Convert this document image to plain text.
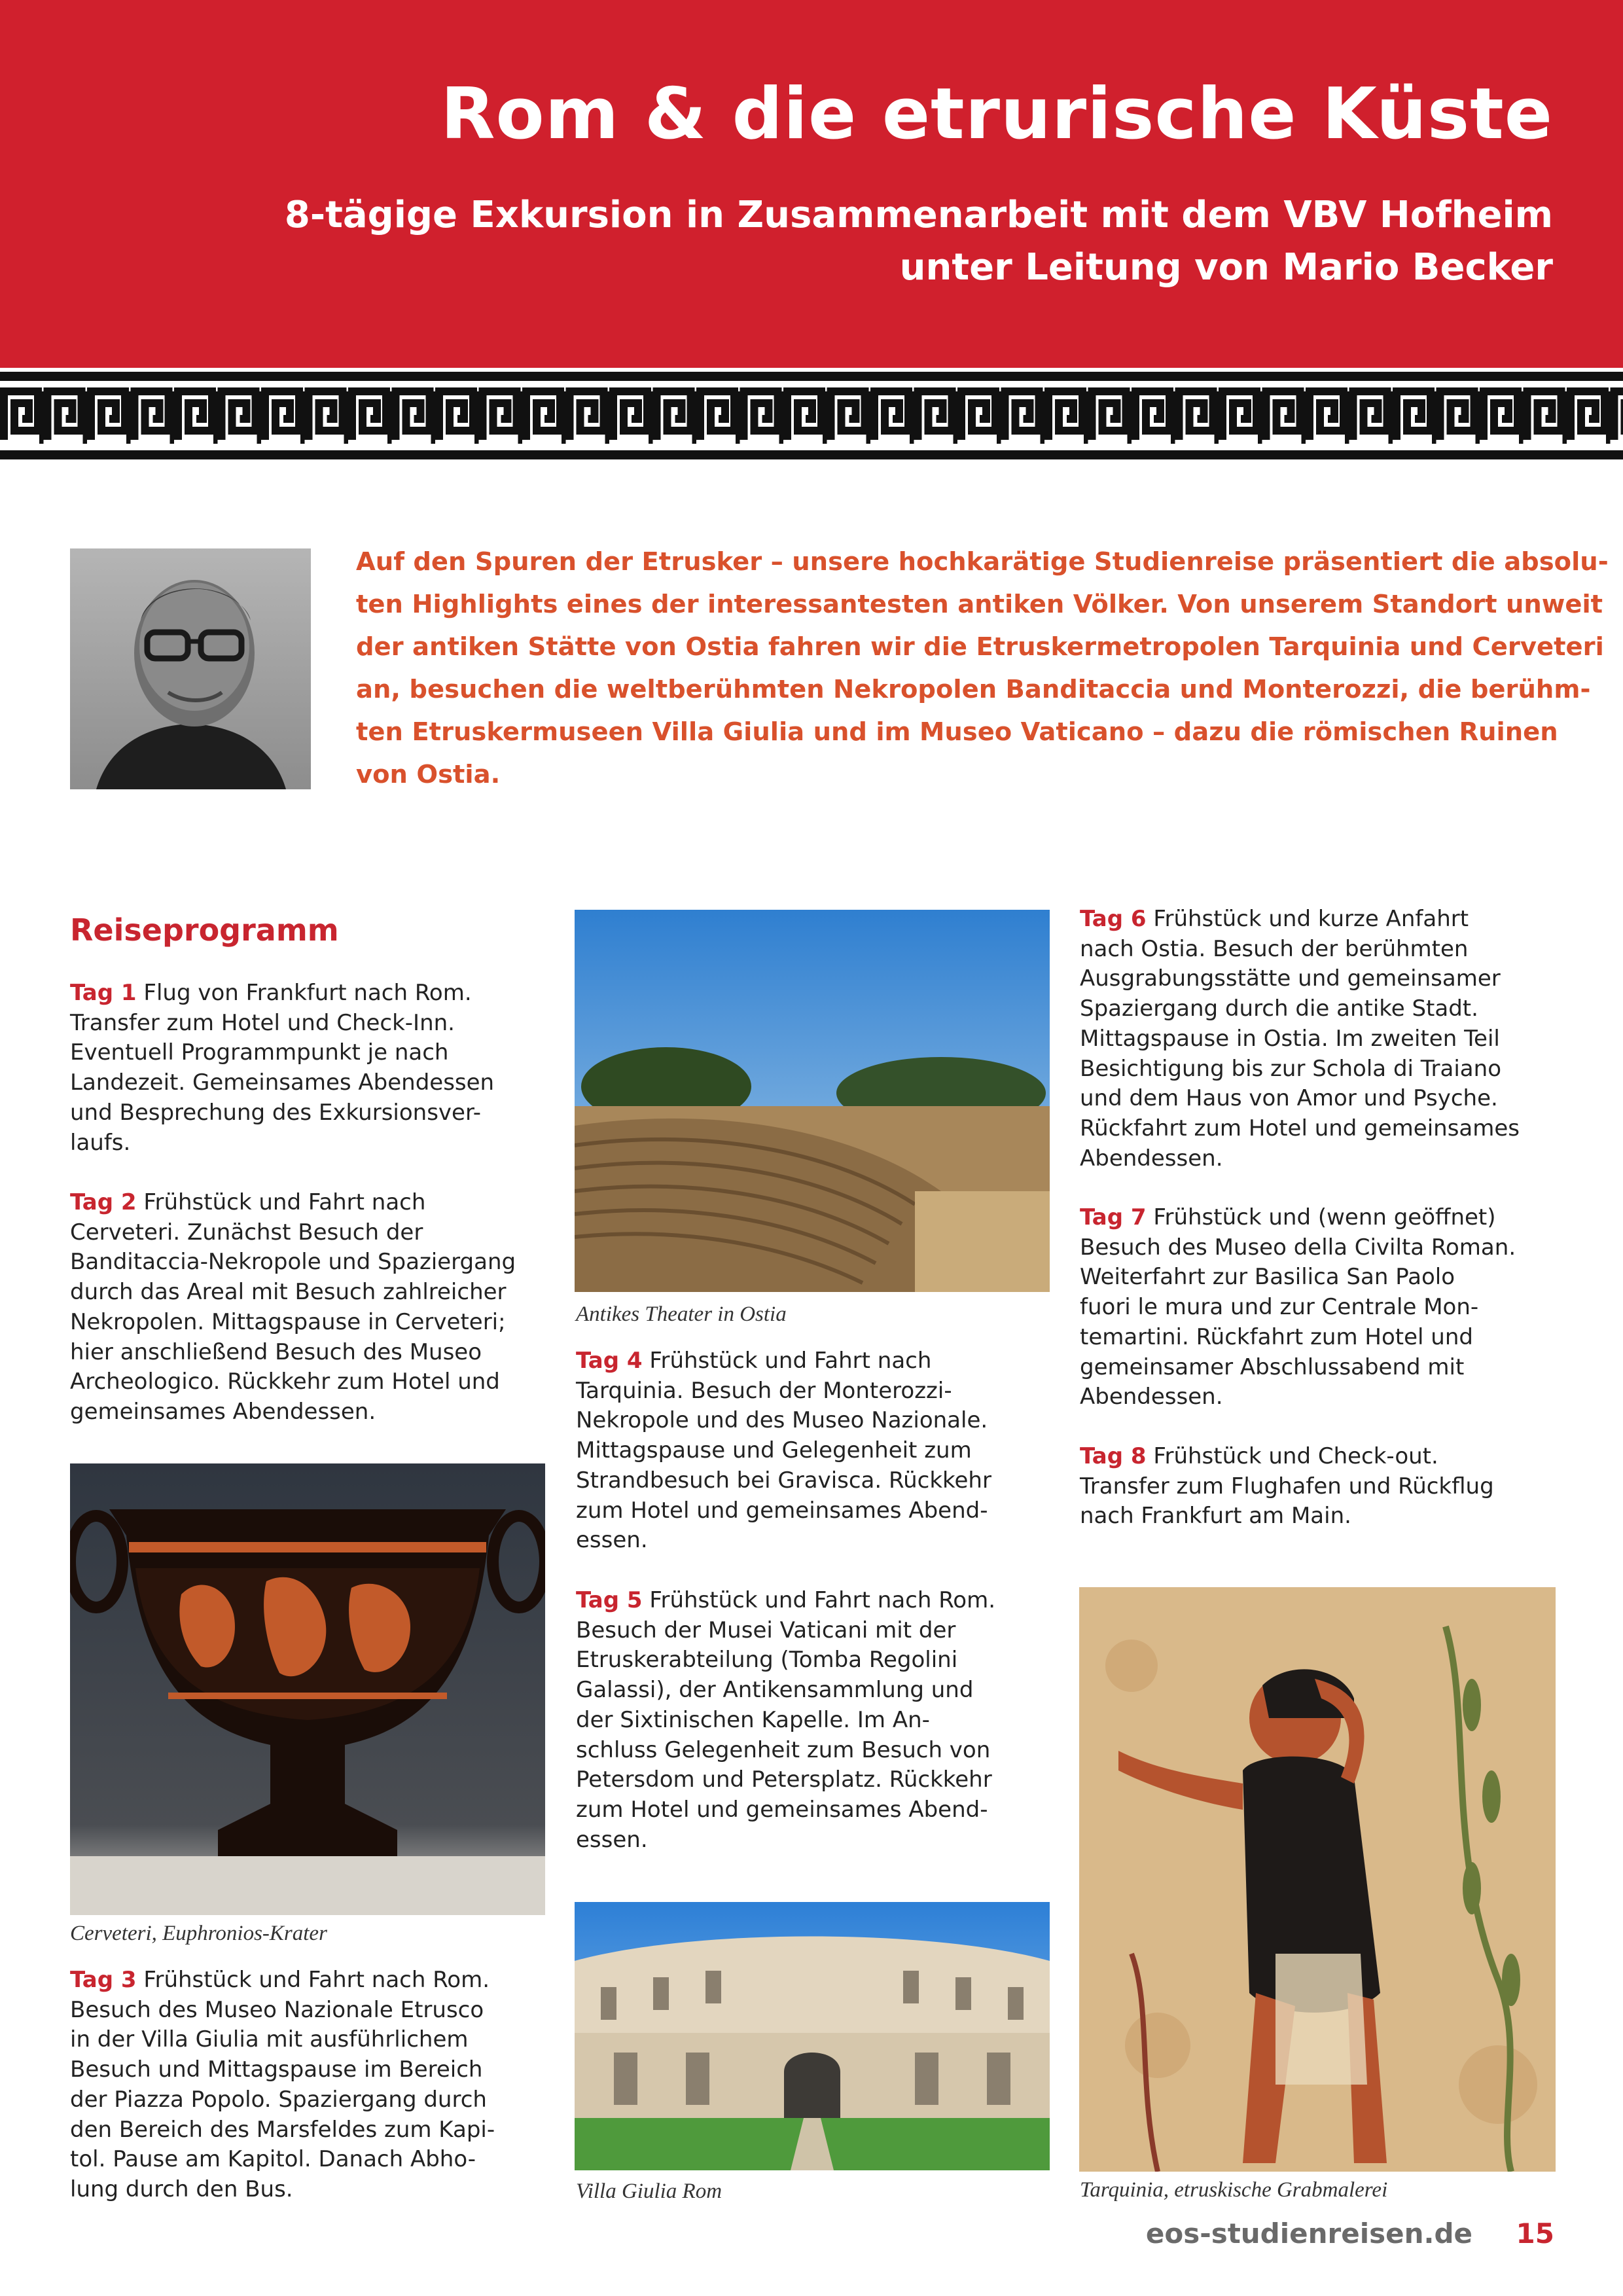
Rom & die etrurische Küste
8-tägige Exkursion in Zusammenarbeit mit dem VBV Hofheim
unter Leitung von Mario Becker
Auf den Spuren der Etrusker – unsere hochkarätige Studienreise präsentiert die absolu-
ten Highlights eines der interessantesten antiken Völker. Von unserem Standort unweit
der antiken Stätte von Ostia fahren wir die Etruskermetropolen Tarquinia und Cerveteri
an, besuchen die weltberühmten Nekropolen Banditaccia und Monterozzi, die berühm-
ten Etruskermuseen Villa Giulia und im Museo Vaticano – dazu die römischen Ruinen
von Ostia.
Reiseprogramm
Tag 1 Flug von Frankfurt nach Rom.
Transfer zum Hotel und Check-Inn.
Eventuell Programmpunkt je nach
Landezeit. Gemeinsames Abendessen
und Besprechung des Exkursionsver-
laufs.
Tag 2 Frühstück und Fahrt nach
Cerveteri. Zunächst Besuch der
Banditaccia-Nekropole und Spaziergang
durch das Areal mit Besuch zahlreicher
Nekropolen. Mittagspause in Cerveteri;
hier anschließend Besuch des Museo
Archeologico. Rückkehr zum Hotel und
gemeinsames Abendessen.
Cerveteri, Euphronios-Krater
Tag 3 Frühstück und Fahrt nach Rom.
Besuch des Museo Nazionale Etrusco
in der Villa Giulia mit ausführlichem
Besuch und Mittagspause im Bereich
der Piazza Popolo. Spaziergang durch
den Bereich des Marsfeldes zum Kapi-
tol. Pause am Kapitol. Danach Abho-
lung durch den Bus.
Antikes Theater in Ostia
Tag 4 Frühstück und Fahrt nach
Tarquinia. Besuch der Monterozzi-
Nekropole und des Museo Nazionale.
Mittagspause und Gelegenheit zum
Strandbesuch bei Gravisca. Rückkehr
zum Hotel und gemeinsames Abend-
essen.
Tag 5 Frühstück und Fahrt nach Rom.
Besuch der Musei Vaticani mit der
Etruskerabteilung (Tomba Regolini
Galassi), der Antikensammlung und
der Sixtinischen Kapelle. Im An-
schluss Gelegenheit zum Besuch von
Petersdom und Petersplatz. Rückkehr
zum Hotel und gemeinsames Abend-
essen.
Villa Giulia Rom
Tag 6 Frühstück und kurze Anfahrt
nach Ostia. Besuch der berühmten
Ausgrabungsstätte und gemeinsamer
Spaziergang durch die antike Stadt.
Mittagspause in Ostia. Im zweiten Teil
Besichtigung bis zur Schola di Traiano
und dem Haus von Amor und Psyche.
Rückfahrt zum Hotel und gemeinsames
Abendessen.
Tag 7 Frühstück und (wenn geöffnet)
Besuch des Museo della Civilta Roman.
Weiterfahrt zur Basilica San Paolo
fuori le mura und zur Centrale Mon-
temartini. Rückfahrt zum Hotel und
gemeinsamer Abschlussabend mit
Abendessen.
Tag 8 Frühstück und Check-out.
Transfer zum Flughafen und Rückflug
nach Frankfurt am Main.
Tarquinia, etruskische Grabmalerei
eos-studienreisen.de 15
